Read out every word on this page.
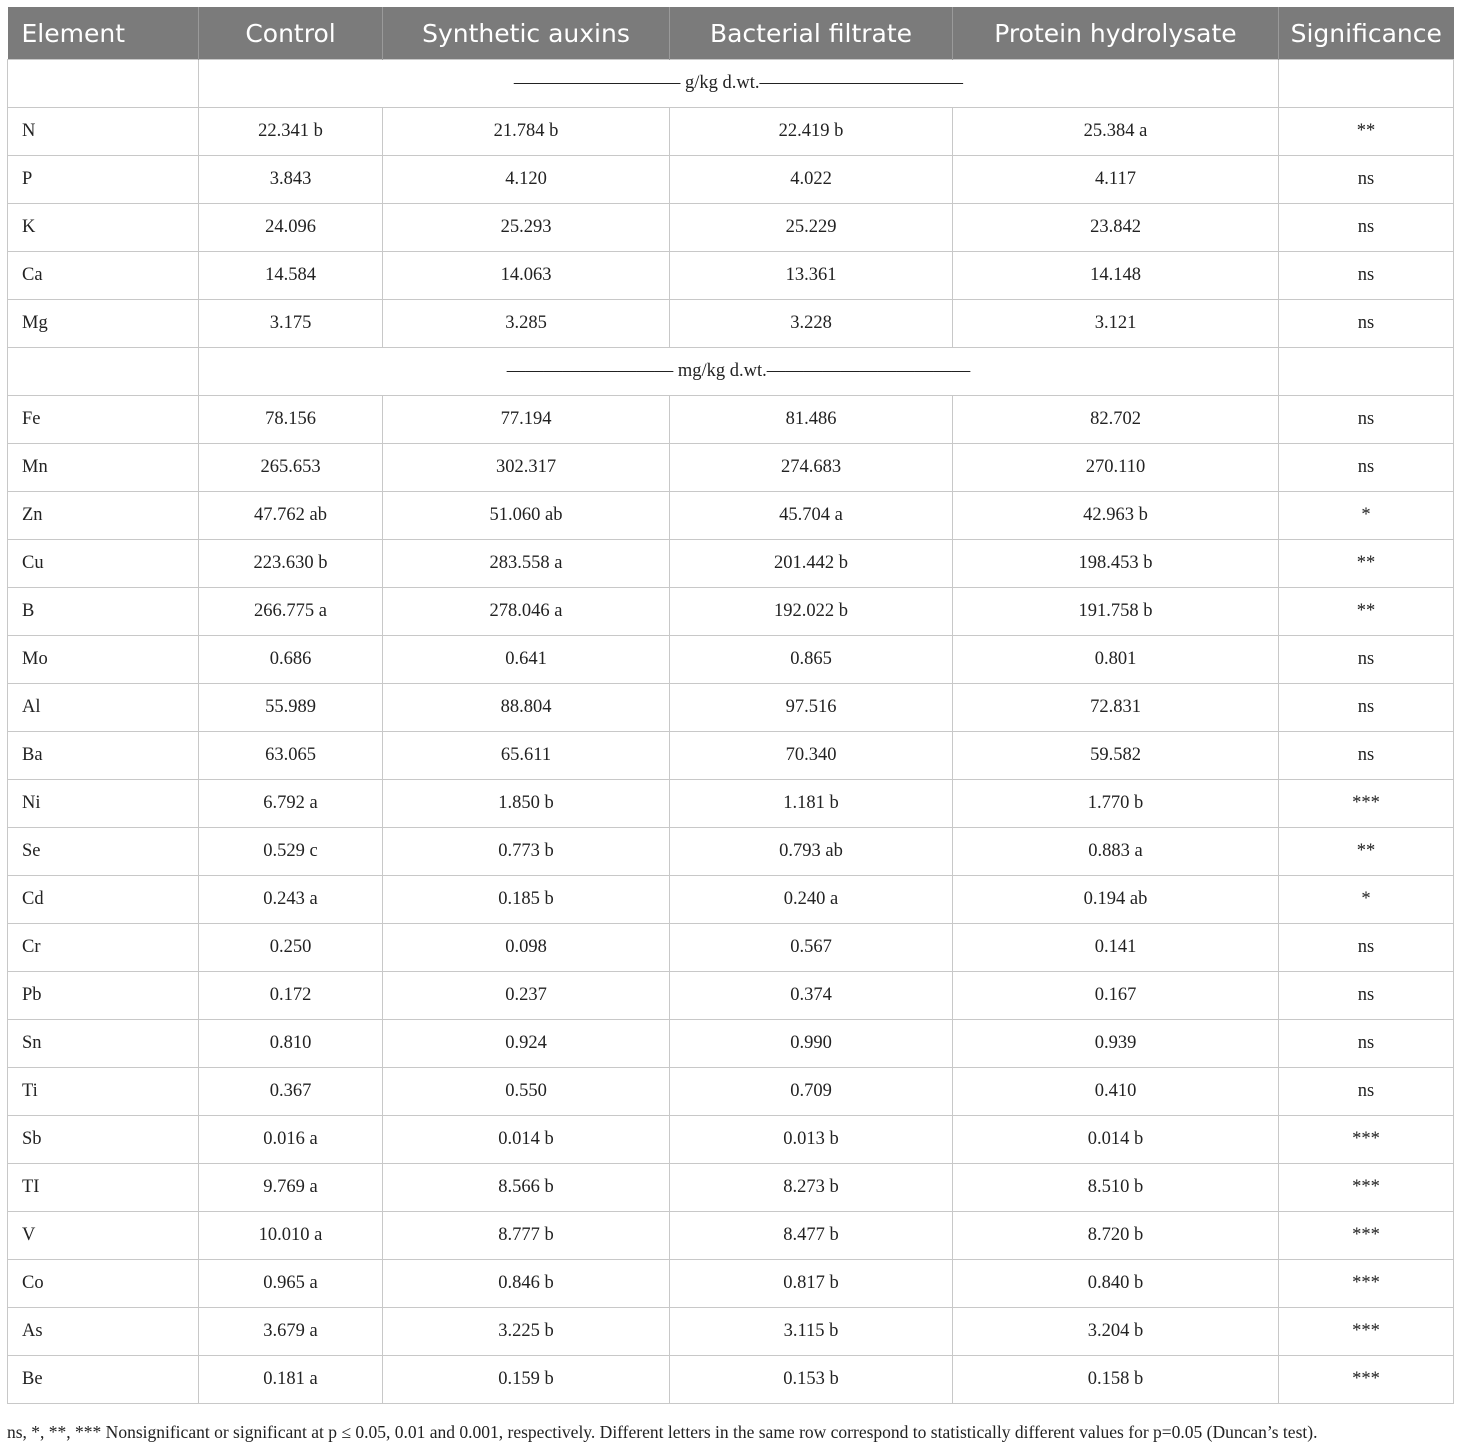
Element	Control	Synthetic auxins	Bacterial filtrate	Protein hydrolysate	Significance
	————————— g/kg d.wt.———————————				
N	22.341 b	21.784 b	22.419 b	25.384 a	**
P	3.843	4.120	4.022	4.117	ns
K	24.096	25.293	25.229	23.842	ns
Ca	14.584	14.063	13.361	14.148	ns
Mg	3.175	3.285	3.228	3.121	ns
	————————— mg/kg d.wt.———————————				
Fe	78.156	77.194	81.486	82.702	ns
Mn	265.653	302.317	274.683	270.110	ns
Zn	47.762 ab	51.060 ab	45.704 a	42.963 b	*
Cu	223.630 b	283.558 a	201.442 b	198.453 b	**
B	266.775 a	278.046 a	192.022 b	191.758 b	**
Mo	0.686	0.641	0.865	0.801	ns
Al	55.989	88.804	97.516	72.831	ns
Ba	63.065	65.611	70.340	59.582	ns
Ni	6.792 a	1.850 b	1.181 b	1.770 b	***
Se	0.529 c	0.773 b	0.793 ab	0.883 a	**
Cd	0.243 a	0.185 b	0.240 a	0.194 ab	*
Cr	0.250	0.098	0.567	0.141	ns
Pb	0.172	0.237	0.374	0.167	ns
Sn	0.810	0.924	0.990	0.939	ns
Ti	0.367	0.550	0.709	0.410	ns
Sb	0.016 a	0.014 b	0.013 b	0.014 b	***
TI	9.769 a	8.566 b	8.273 b	8.510 b	***
V	10.010 a	8.777 b	8.477 b	8.720 b	***
Co	0.965 a	0.846 b	0.817 b	0.840 b	***
As	3.679 a	3.225 b	3.115 b	3.204 b	***
Be	0.181 a	0.159 b	0.153 b	0.158 b	***
ns, *, **, *** Nonsignificant or significant at p ≤ 0.05, 0.01 and 0.001, respectively. Different letters in the same row correspond to statistically different values for p=0.05 (Duncan’s test).
